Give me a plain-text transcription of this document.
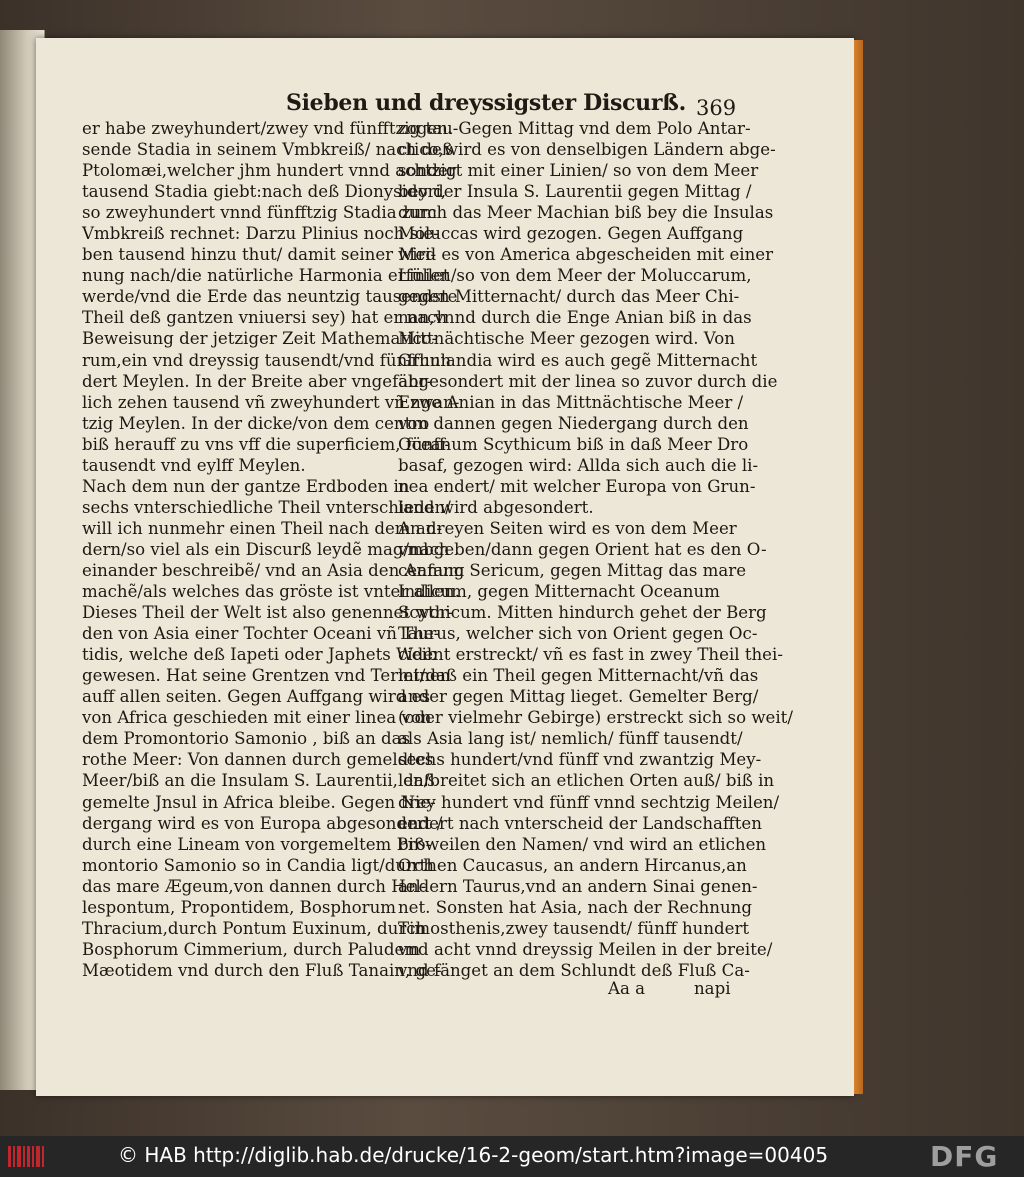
Sieben und dreyssigster Discurß. 369
er habe zweyhundert/zwey vnd fünfftzig tau-
sende Stadia in seinem Vmbkreiß/ nach deß
Ptolomæi,welcher jhm hundert vnnd achtzig
tausend Stadia giebt:nach deß Dionysidori,
so zweyhundert vnnd fünfftzig Stadia zum
Vmbkreiß rechnet: Darzu Plinius noch sie-
ben tausend hinzu thut/ damit seiner Mei-
nung nach/die natürliche Harmonia erfüllet
werde/vnd die Erde das neuntzig tausendste
Theil deß gantzen vniuersi sey) hat er nach
Beweisung der jetziger Zeit Mathematico-
rum,ein vnd dreyssig tausendt/vnd fünffhun
dert Meylen. In der Breite aber vngefähr-
lich zehen tausend vñ zweyhundert vñ zwan-
tzig Meylen. In der dicke/von dem centro
biß herauff zu vns vff die superficiem, fünff-
tausendt vnd eylff Meylen.
Nach dem nun der gantze Erdboden in
sechs vnterschiedliche Theil vnterschieden/
will ich nunmehr einen Theil nach dem an-
dern/so viel als ein Discurß leydẽ mag/nach
einander beschreibẽ/ vnd an Asia den Anfang
machẽ/als welches das gröste ist vnter allen.
Dieses Theil der Welt ist also genennet wor-
den von Asia einer Tochter Oceani vñ The-
tidis, welche deß Iapeti oder Japhets Weib
gewesen. Hat seine Grentzen vnd Terminen
auff allen seiten. Gegen Auffgang wird es
von Africa geschieden mit einer linea von
dem Promontorio Samonio , biß an das
rothe Meer: Von dannen durch gemeldtes
Meer/biß an die Insulam S. Laurentii, daß
gemelte Jnsul in Africa bleibe. Gegen Nie-
dergang wird es von Europa abgesondert /
durch eine Lineam von vorgemeltem Pro-
montorio Samonio so in Candia ligt/durch
das mare Ægeum,von dannen durch Hel-
lespontum, Propontidem, Bosphorum
Thracium,durch Pontum Euxinum, durch
Bosphorum Cimmerium, durch Paludem
Mæotidem vnd durch den Fluß Tanain, ge-
zogen. Gegen Mittag vnd dem Polo Antar-
ctico,wird es von denselbigen Ländern abge-
sondert mit einer Linien/ so von dem Meer
bey der Insula S. Laurentii gegen Mittag /
durch das Meer Machian biß bey die Insulas
Moluccas wird gezogen. Gegen Auffgang
wird es von America abgescheiden mit einer
Linien/so von dem Meer der Moluccarum,
gegen Mitternacht/ durch das Meer Chi-
nan,vnnd durch die Enge Anian biß in das
Mittnächtische Meer gezogen wird. Von
Grunlandia wird es auch gegẽ Mitternacht
abgesondert mit der linea so zuvor durch die
Enge Anian in das Mittnächtische Meer /
von dannen gegen Niedergang durch den
Oceanum Scythicum biß in daß Meer Dro
basaf, gezogen wird: Allda sich auch die li-
nea endert/ mit welcher Europa von Grun-
land wird abgesondert.
An dreyen Seiten wird es von dem Meer
vmbgeben/dann gegen Orient hat es den O-
ceanum Sericum, gegen Mittag das mare
Indicum, gegen Mitternacht Oceanum
Scythicum. Mitten hindurch gehet der Berg
Taurus, welcher sich von Orient gegen Oc-
cident erstreckt/ vñ es fast in zwey Theil thei-
let/daß ein Theil gegen Mitternacht/vñ das
ander gegen Mittag lieget. Gemelter Berg/
(oder vielmehr Gebirge) erstreckt sich so weit/
als Asia lang ist/ nemlich/ fünff tausendt/
sechs hundert/vnd fünff vnd zwantzig Mey-
len/breitet sich an etlichen Orten auß/ biß in
drey hundert vnd fünff vnnd sechtzig Meilen/
endert nach vnterscheid der Landschafften
bißweilen den Namen/ vnd wird an etlichen
Orthen Caucasus, an andern Hircanus,an
andern Taurus,vnd an andern Sinai genen-
net. Sonsten hat Asia, nach der Rechnung
Timosthenis,zwey tausendt/ fünff hundert
vnd acht vnnd dreyssig Meilen in der breite/
vnd fänget an dem Schlundt deß Fluß Ca-
Aa a	napi
© HAB http://diglib.hab.de/drucke/16-2-geom/start.htm?image=00405	DFG
